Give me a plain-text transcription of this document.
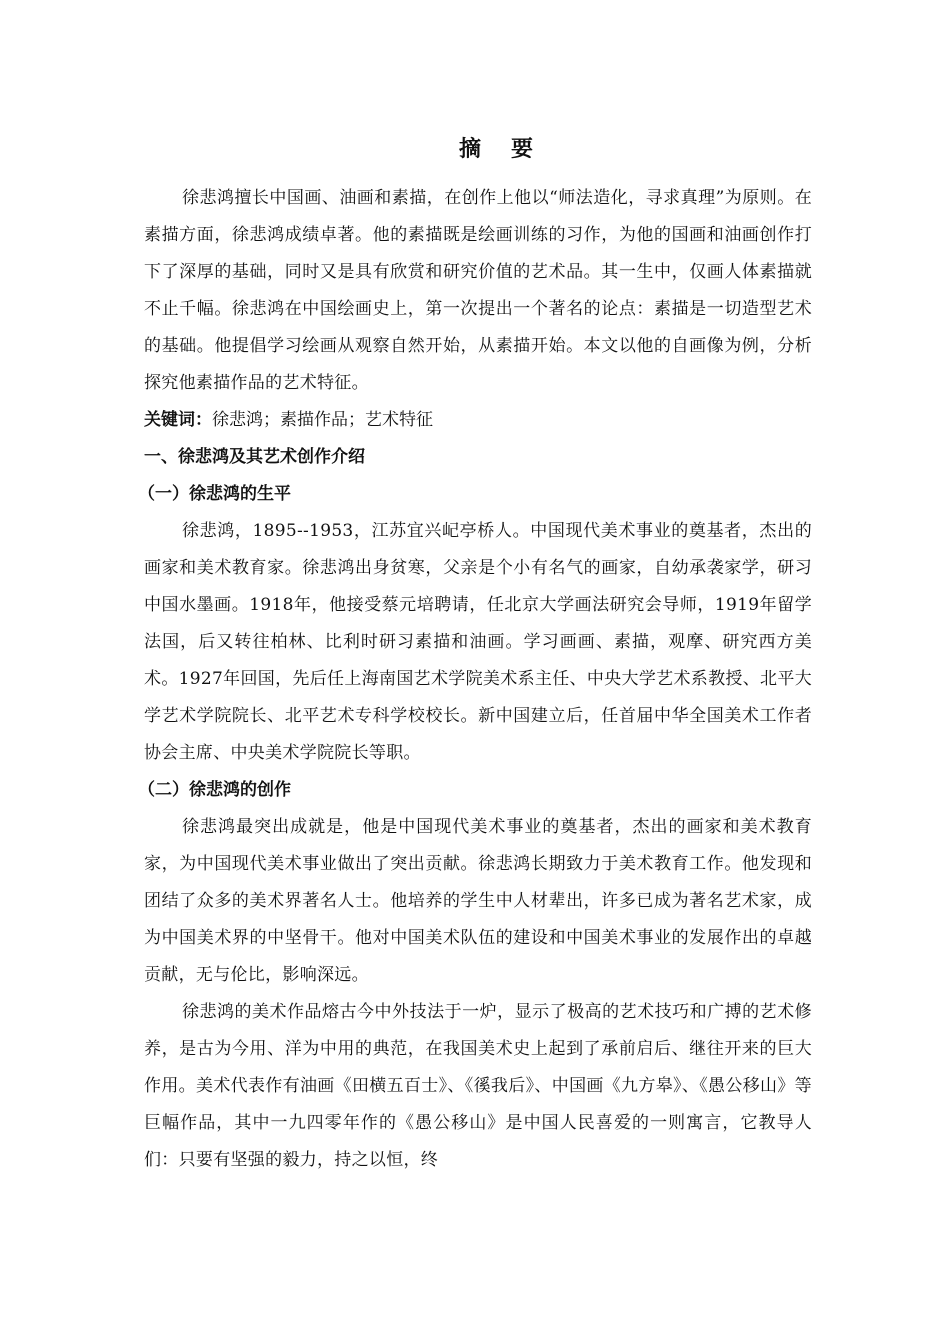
摘　要

徐悲鸿擅长中国画、油画和素描，在创作上他以“师法造化，寻求真理”为原则。在素描方面，徐悲鸿成绩卓著。他的素描既是绘画训练的习作，为他的国画和油画创作打下了深厚的基础，同时又是具有欣赏和研究价值的艺术品。其一生中，仅画人体素描就不止千幅。徐悲鸿在中国绘画史上，第一次提出一个著名的论点：素描是一切造型艺术的基础。他提倡学习绘画从观察自然开始，从素描开始。本文以他的自画像为例，分析探究他素描作品的艺术特征。

关键词：徐悲鸿；素描作品；艺术特征

一、徐悲鸿及其艺术创作介绍

（一）徐悲鸿的生平

徐悲鸿，1895--1953，江苏宜兴屺亭桥人。中国现代美术事业的奠基者，杰出的画家和美术教育家。徐悲鸿出身贫寒，父亲是个小有名气的画家，自幼承袭家学，研习中国水墨画。1918年，他接受蔡元培聘请，任北京大学画法研究会导师，1919年留学法国，后又转往柏林、比利时研习素描和油画。学习画画、素描，观摩、研究西方美术。1927年回国，先后任上海南国艺术学院美术系主任、中央大学艺术系教授、北平大学艺术学院院长、北平艺术专科学校校长。新中国建立后，任首届中华全国美术工作者协会主席、中央美术学院院长等职。

（二）徐悲鸿的创作

徐悲鸿最突出成就是，他是中国现代美术事业的奠基者，杰出的画家和美术教育家，为中国现代美术事业做出了突出贡献。徐悲鸿长期致力于美术教育工作。他发现和团结了众多的美术界著名人士。他培养的学生中人材辈出，许多已成为著名艺术家，成为中国美术界的中坚骨干。他对中国美术队伍的建设和中国美术事业的发展作出的卓越贡献，无与伦比，影响深远。

徐悲鸿的美术作品熔古今中外技法于一炉，显示了极高的艺术技巧和广搏的艺术修养，是古为今用、洋为中用的典范，在我国美术史上起到了承前启后、继往开来的巨大作用。美术代表作有油画《田横五百士》、《徯我后》、中国画《九方皋》、《愚公移山》等巨幅作品，其中一九四零年作的《愚公移山》是中国人民喜爱的一则寓言，它教导人们：只要有坚强的毅力，持之以恒，终
